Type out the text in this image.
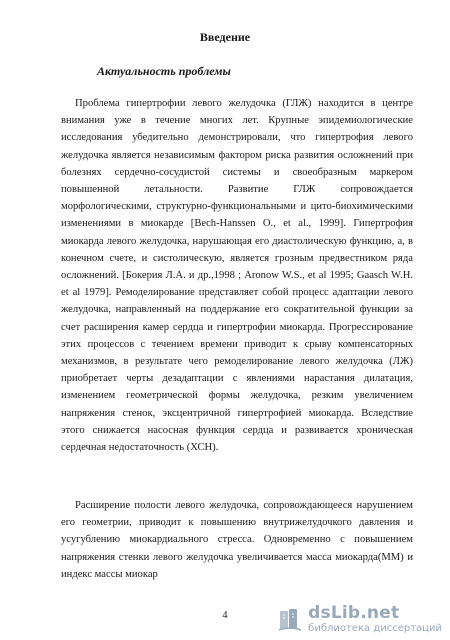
Введение
Актуальность проблемы

Проблема гипертрофии левого желудочка (ГЛЖ) находится в центре внимания уже в течение многих лет. Крупные эпидемиологические исследования убедительно демонстрировали, что гипертрофия левого желудочка является независимым фактором риска развития осложнений при болезнях сердечно-сосудистой системы и своеобразным маркером повышенной летальности. Развитие ГЛЖ сопровождается морфологическими, структурно-функциональными и цито-биохимическими изменениями в миокарде [Bech-Hanssen О., et al., 1999]. Гипертрофия миокарда левого желудочка, нарушающая его диастолическую функцию, а, в конечном счете, и систолическую, является грозным предвестником ряда осложнений. [Бокерия Л.А. и др.,1998 ; Aronow W.S., et al 1995; Gaasch W.H. et al 1979]. Ремоделирование представляет собой процесс адаптации левого желудочка, направленный на поддержание его сократительной функции за счет расширения камер сердца и гипертрофии миокарда. Прогрессирование этих процессов с течением времени приводит к срыву компенсаторных механизмов, в результате чего ремоделирование левого желудочка (ЛЖ) приобретает черты дезадаптации с явлениями нарастания дилатация, изменением геометрической формы желудочка, резким увеличением напряжения стенок, эксцентричной гипертрофией миокарда. Вследствие этого снижается насосная функция сердца и развивается хроническая сердечная недостаточность (ХСН).

Расширение полости левого желудочка, сопровождающееся нарушением его геометрии, приводит к повышению внутрижелудочкого давления и усугублению миокардиального стресса. Одновременно с повышением напряжения стенки левого желудочка увеличивается масса миокарда(ММ) и индекс массы миокар

4	dsLib.net
библиотека диссертаций
